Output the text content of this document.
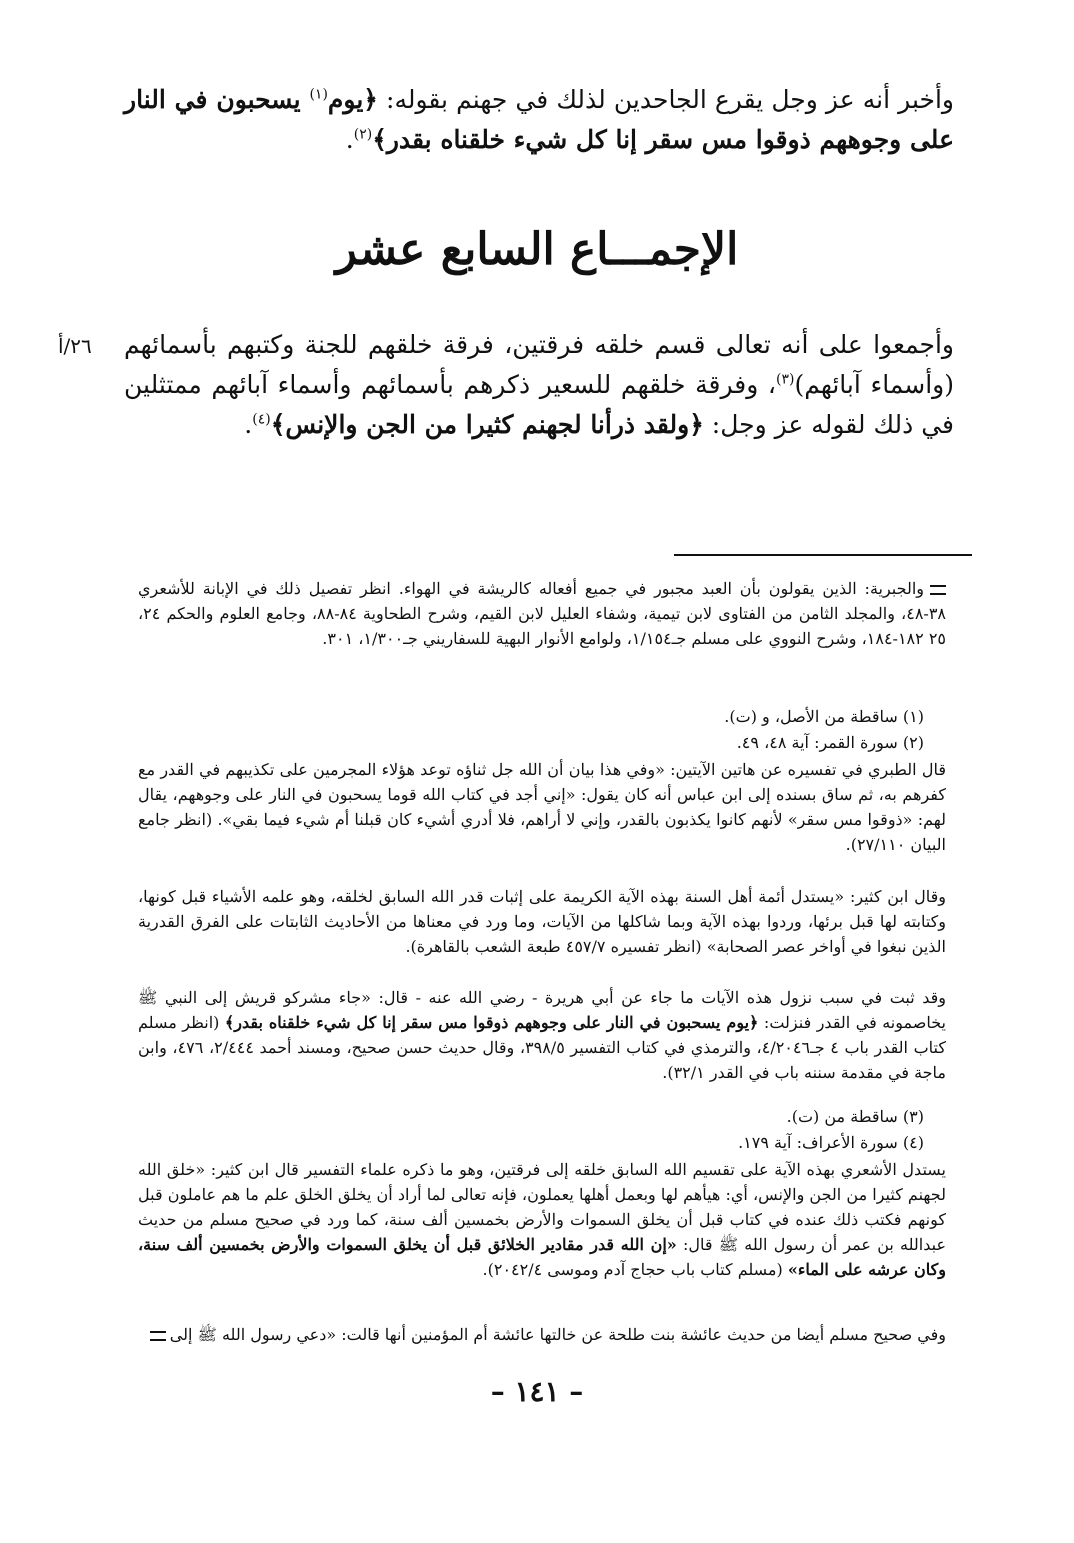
وأخبر أنه عز وجل يقرع الجاحدين لذلك في جهنم بقوله: ﴿يوم$^{(١)}$ يسحبون في النار على وجوههم ذوقوا مس سقر إنا كل شيء خلقناه بقدر﴾$^{(٢)}$.

الإجمـــاع السابع عشر

وأجمعوا على أنه تعالى قسم خلقه فرقتين، فرقة خلقهم للجنة وكتبهم بأسمائهم (وأسماء آبائهم)$^{(٣)}$، وفرقة خلقهم للسعير ذكرهم بأسمائهم وأسماء آبائهم ممتثلين في ذلك لقوله عز وجل: ﴿ولقد ذرأنا لجهنم كثيرا من الجن والإنس﴾$^{(٤)}$.

٢٦/أ

والجبرية: الذين يقولون بأن العبد مجبور في جميع أفعاله كالريشة في الهواء. انظر تفصيل ذلك في الإبانة للأشعري ٣٨-٤٨، والمجلد الثامن من الفتاوى لابن تيمية، وشفاء العليل لابن القيم، وشرح الطحاوية ٨٤-٨٨، وجامع العلوم والحكم ٢٤، ٢٥ ١٨٢-١٨٤، وشرح النووي على مسلم جـ١/١٥٤، ولوامع الأنوار البهية للسفاريني جـ١/٣٠٠، ٣٠١.

(١) ساقطة من الأصل، و (ت).
(٢) سورة القمر: آية ٤٨، ٤٩.

قال الطبري في تفسيره عن هاتين الآيتين: «وفي هذا بيان أن الله جل ثناؤه توعد هؤلاء المجرمين على تكذيبهم في القدر مع كفرهم به، ثم ساق بسنده إلى ابن عباس أنه كان يقول: «إني أجد في كتاب الله قوما يسحبون في النار على وجوههم، يقال لهم: «ذوقوا مس سقر» لأنهم كانوا يكذبون بالقدر، وإني لا أراهم، فلا أدري أشيء كان قبلنا أم شيء فيما بقي». (انظر جامع البيان ٢٧/١١٠).

وقال ابن كثير: «يستدل أئمة أهل السنة بهذه الآية الكريمة على إثبات قدر الله السابق لخلقه، وهو علمه الأشياء قبل كونها، وكتابته لها قبل برئها، وردوا بهذه الآية وبما شاكلها من الآيات، وما ورد في معناها من الأحاديث الثابتات على الفرق القدرية الذين نبغوا في أواخر عصر الصحابة» (انظر تفسيره ٤٥٧/٧ طبعة الشعب بالقاهرة).

وقد ثبت في سبب نزول هذه الآيات ما جاء عن أبي هريرة - رضي الله عنه - قال: «جاء مشركو قريش إلى النبي ﷺ يخاصمونه في القدر فنزلت: ﴿يوم يسحبون في النار على وجوههم ذوقوا مس سقر إنا كل شيء خلقناه بقدر﴾ (انظر مسلم كتاب القدر باب ٤ جـ٤/٢٠٤٦، والترمذي في كتاب التفسير ٣٩٨/٥، وقال حديث حسن صحيح، ومسند أحمد ٢/٤٤٤، ٤٧٦، وابن ماجة في مقدمة سننه باب في القدر ٣٢/١).

(٣) ساقطة من (ت).
(٤) سورة الأعراف: آية ١٧٩.

يستدل الأشعري بهذه الآية على تقسيم الله السابق خلقه إلى فرقتين، وهو ما ذكره علماء التفسير قال ابن كثير: «خلق الله لجهنم كثيرا من الجن والإنس، أي: هيأهم لها وبعمل أهلها يعملون، فإنه تعالى لما أراد أن يخلق الخلق علم ما هم عاملون قبل كونهم فكتب ذلك عنده في كتاب قبل أن يخلق السموات والأرض بخمسين ألف سنة، كما ورد في صحيح مسلم من حديث عبدالله بن عمر أن رسول الله ﷺ قال: «إن الله قدر مقادير الخلائق قبل أن يخلق السموات والأرض بخمسين ألف سنة، وكان عرشه على الماء» (مسلم كتاب باب حجاج آدم وموسى ٢٠٤٢/٤).

وفي صحيح مسلم أيضا من حديث عائشة بنت طلحة عن خالتها عائشة أم المؤمنين أنها قالت: «دعي رسول الله ﷺ إلى

– ١٤١ –
